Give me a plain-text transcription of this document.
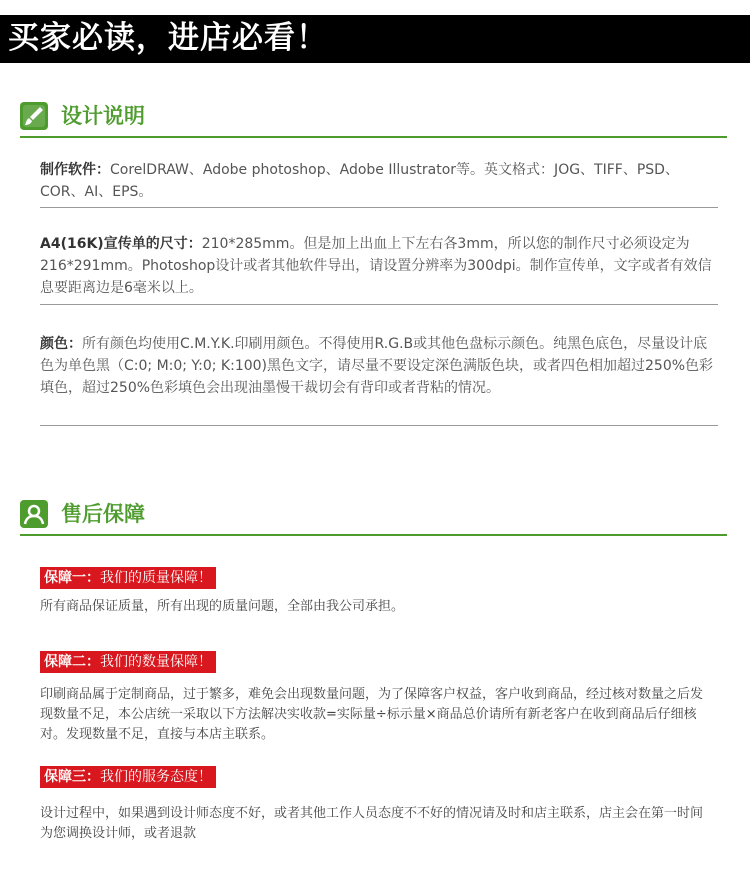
买家必读，进店必看！
设计说明
制作软件：CorelDRAW、Adobe photoshop、Adobe Illustrator等。英文格式：JOG、TIFF、PSD、COR、AI、EPS。
A4(16K)宣传单的尺寸：210*285mm。但是加上出血上下左右各3mm，所以您的制作尺寸必须设定为216*291mm。Photoshop设计或者其他软件导出，请设置分辨率为300dpi。制作宣传单，文字或者有效信息要距离边是6毫米以上。
颜色：所有颜色均使用C.M.Y.K.印刷用颜色。不得使用R.G.B或其他色盘标示颜色。纯黑色底色，尽量设计底色为单色黑（C:0; M:0; Y:0; K:100)黑色文字，请尽量不要设定深色满版色块，或者四色相加超过250%色彩填色，超过250%色彩填色会出现油墨慢干裁切会有背印或者背粘的情况。
售后保障
保障一：我们的质量保障！
所有商品保证质量，所有出现的质量问题，全部由我公司承担。
保障二：我们的数量保障！
印刷商品属于定制商品，过于繁多，难免会出现数量问题，为了保障客户权益，客户收到商品，经过核对数量之后发现数量不足，本公店统一采取以下方法解决实收款=实际量÷标示量×商品总价请所有新老客户在收到商品后仔细核对。发现数量不足，直接与本店主联系。
保障三：我们的服务态度！
设计过程中，如果遇到设计师态度不好，或者其他工作人员态度不不好的情况请及时和店主联系，店主会在第一时间为您调换设计师，或者退款
